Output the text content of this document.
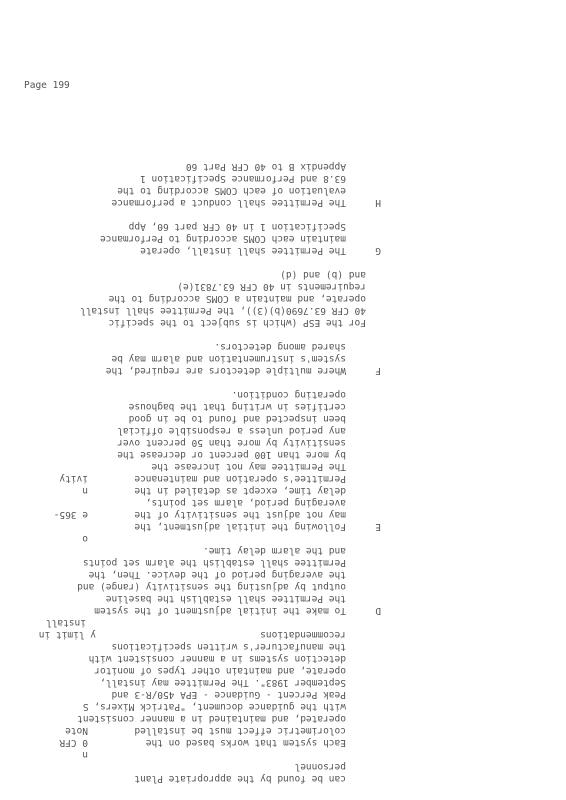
Page 199

can be found by the appropriate Plant

personnel

Each system that works based on the

colorimetric effect must be installed

operated, and maintained in a manner consistent

with the guidance document, "Patrick Mixers, S

Peak Percent - Guidance - EPA 450/R-3 and

September 1983". The Permittee may install,

operate, and maintain other types of monitor

detection systems in a manner consistent with

the manufacturer's written specifications

recommendations

To make the initial adjustment of the system

the Permittee shall establish the baseline

output by adjusting the sensitivity (range) and

the averaging period of the device. Then, the

Permittee shall establish the alarm set points

and the alarm delay time.

Following the initial adjustment, the

may not adjust the sensitivity of the

averaging period, alarm set points,

delay time, except as detailed in the

Permittee's operation and maintenance

The Permittee may not increase the

by more than 100 percent or decrease the

sensitivity by more than 50 percent over

any period unless a responsible official

been inspected and found to be in good

certifies in writing that the baghouse

operating condition.

Where multiple detectors are required, the

system's instrumentation and alarm may be

shared among detectors.

For the ESP (which is subject to the specific

40 CFR 63.7690(b)(3)), the Permittee shall install

operate, and maintain a COMS according to the

requirements in 40 CFR 63.7831(e)

and (b) and (d)

The Permittee shall install, operate

maintain each COMS according to Performance

Specification 1 in 40 CFR part 60, App

The Permittee shall conduct a performance

evaluation of each COMS according to the

63.8 and Performance Specification 1

Appendix B to 40 CFR Part 60

D

E

F

G

H

install

y limit in

n

0 CFR

Note

o

e 365-

n

ivity
